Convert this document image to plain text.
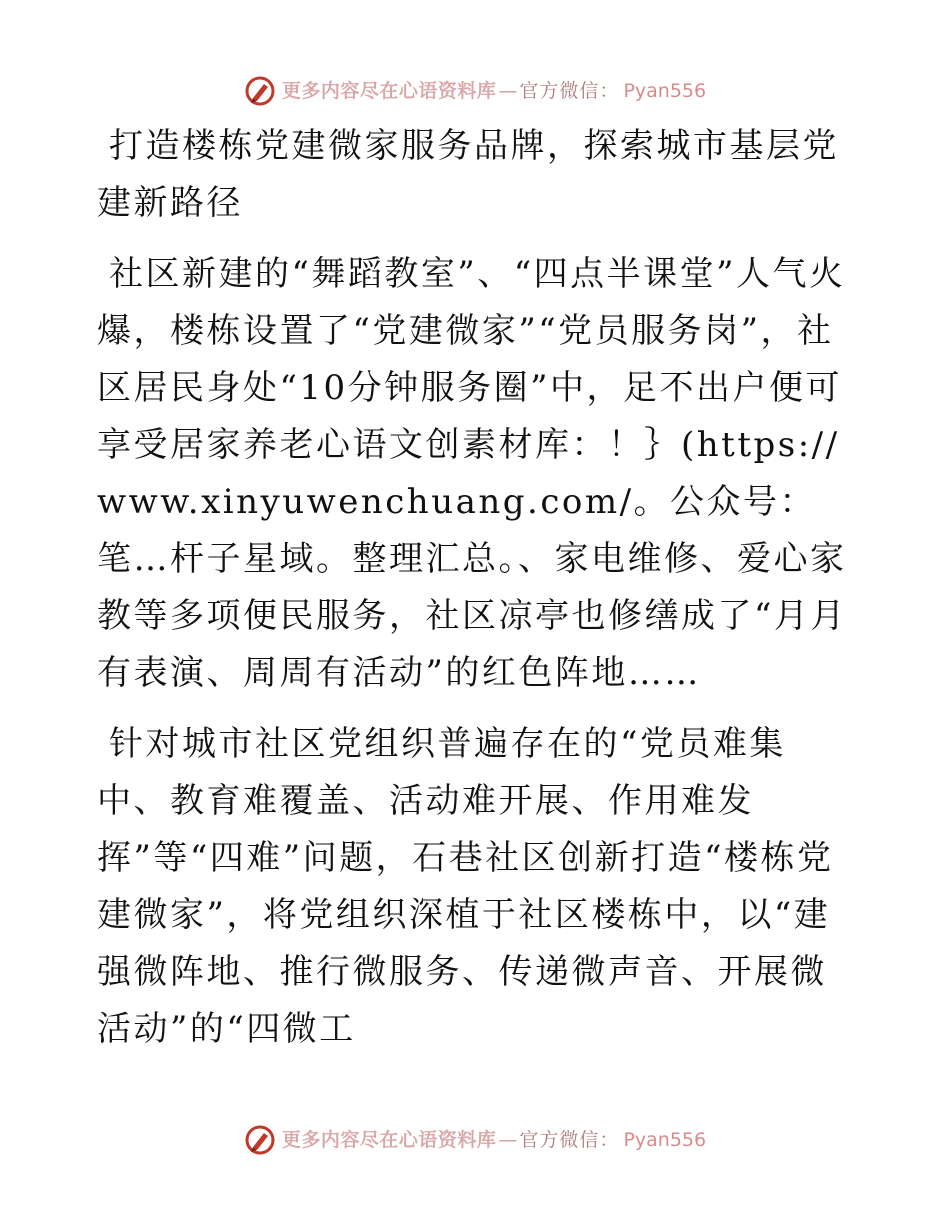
更多内容尽在心语资料库 — 官方微信： Pyan556
打造楼栋党建微家服务品牌，探索城市基层党建新路径
社区新建的“舞蹈教室”、“四点半课堂”人气火爆，楼栋设置了“党建微家”“党员服务岗”，社区居民身处“10分钟服务圈”中，足不出户便可享受居家养老心语文创素材库：！｝(https://www.xinyuwenchuang.com/。公众号：笔…杆子星域。整理汇总。、家电维修、爱心家教等多项便民服务，社区凉亭也修缮成了“月月有表演、周周有活动”的红色阵地……
针对城市社区党组织普遍存在的“党员难集中、教育难覆盖、活动难开展、作用难发挥”等“四难”问题，石巷社区创新打造“楼栋党建微家”，将党组织深植于社区楼栋中，以“建强微阵地、推行微服务、传递微声音、开展微活动”的“四微工
更多内容尽在心语资料库 — 官方微信： Pyan556
